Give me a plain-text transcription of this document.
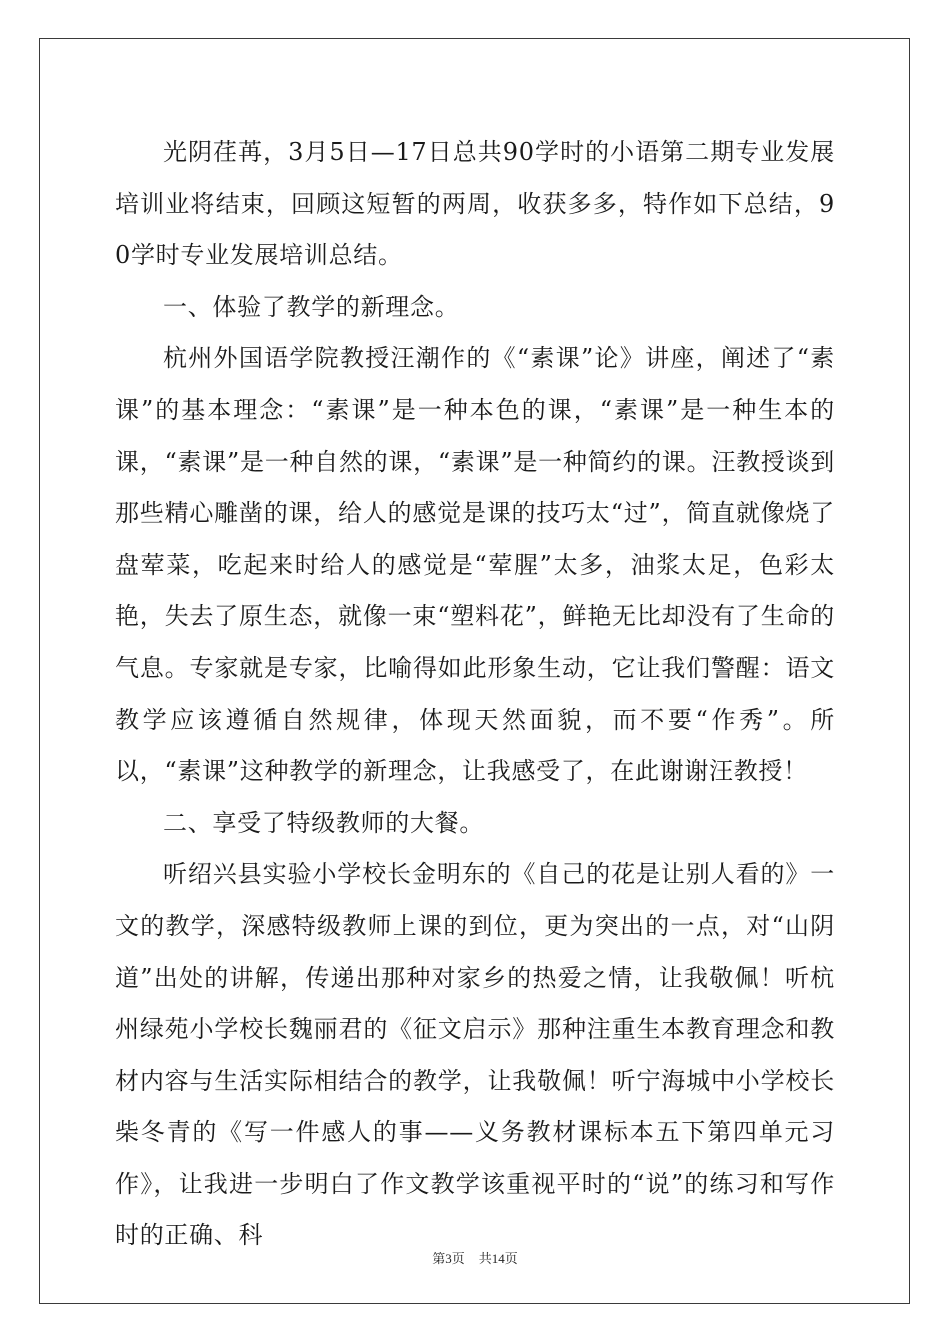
光阴荏苒，3月5日—17日总共90学时的小语第二期专业发展培训业将结束，回顾这短暂的两周，收获多多，特作如下总结，90学时专业发展培训总结。

一、体验了教学的新理念。

杭州外国语学院教授汪潮作的《“素课”论》讲座，阐述了“素课”的基本理念：“素课”是一种本色的课，“素课”是一种生本的课，“素课”是一种自然的课，“素课”是一种简约的课。汪教授谈到那些精心雕凿的课，给人的感觉是课的技巧太“过”，简直就像烧了盘荤菜，吃起来时给人的感觉是“荤腥”太多，油浆太足，色彩太艳，失去了原生态，就像一束“塑料花”，鲜艳无比却没有了生命的气息。专家就是专家，比喻得如此形象生动，它让我们警醒：语文教学应该遵循自然规律，体现天然面貌，而不要“作秀”。所以，“素课”这种教学的新理念，让我感受了，在此谢谢汪教授！

二、享受了特级教师的大餐。

听绍兴县实验小学校长金明东的《自己的花是让别人看的》一文的教学，深感特级教师上课的到位，更为突出的一点，对“山阴道”出处的讲解，传递出那种对家乡的热爱之情，让我敬佩！听杭州绿苑小学校长魏丽君的《征文启示》那种注重生本教育理念和教材内容与生活实际相结合的教学，让我敬佩！听宁海城中小学校长柴冬青的《写一件感人的事——义务教材课标本五下第四单元习作》，让我进一步明白了作文教学该重视平时的“说”的练习和写作时的正确、科

第3页 共14页
